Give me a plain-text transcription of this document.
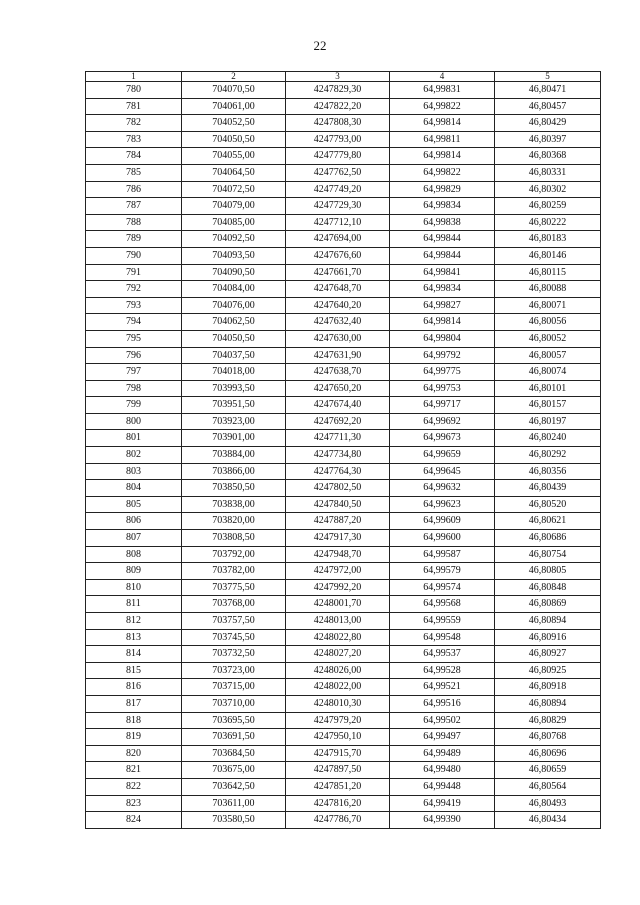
22
1	2	3	4	5
780	704070,50	4247829,30	64,99831	46,80471
781	704061,00	4247822,20	64,99822	46,80457
782	704052,50	4247808,30	64,99814	46,80429
783	704050,50	4247793,00	64,99811	46,80397
784	704055,00	4247779,80	64,99814	46,80368
785	704064,50	4247762,50	64,99822	46,80331
786	704072,50	4247749,20	64,99829	46,80302
787	704079,00	4247729,30	64,99834	46,80259
788	704085,00	4247712,10	64,99838	46,80222
789	704092,50	4247694,00	64,99844	46,80183
790	704093,50	4247676,60	64,99844	46,80146
791	704090,50	4247661,70	64,99841	46,80115
792	704084,00	4247648,70	64,99834	46,80088
793	704076,00	4247640,20	64,99827	46,80071
794	704062,50	4247632,40	64,99814	46,80056
795	704050,50	4247630,00	64,99804	46,80052
796	704037,50	4247631,90	64,99792	46,80057
797	704018,00	4247638,70	64,99775	46,80074
798	703993,50	4247650,20	64,99753	46,80101
799	703951,50	4247674,40	64,99717	46,80157
800	703923,00	4247692,20	64,99692	46,80197
801	703901,00	4247711,30	64,99673	46,80240
802	703884,00	4247734,80	64,99659	46,80292
803	703866,00	4247764,30	64,99645	46,80356
804	703850,50	4247802,50	64,99632	46,80439
805	703838,00	4247840,50	64,99623	46,80520
806	703820,00	4247887,20	64,99609	46,80621
807	703808,50	4247917,30	64,99600	46,80686
808	703792,00	4247948,70	64,99587	46,80754
809	703782,00	4247972,00	64,99579	46,80805
810	703775,50	4247992,20	64,99574	46,80848
811	703768,00	4248001,70	64,99568	46,80869
812	703757,50	4248013,00	64,99559	46,80894
813	703745,50	4248022,80	64,99548	46,80916
814	703732,50	4248027,20	64,99537	46,80927
815	703723,00	4248026,00	64,99528	46,80925
816	703715,00	4248022,00	64,99521	46,80918
817	703710,00	4248010,30	64,99516	46,80894
818	703695,50	4247979,20	64,99502	46,80829
819	703691,50	4247950,10	64,99497	46,80768
820	703684,50	4247915,70	64,99489	46,80696
821	703675,00	4247897,50	64,99480	46,80659
822	703642,50	4247851,20	64,99448	46,80564
823	703611,00	4247816,20	64,99419	46,80493
824	703580,50	4247786,70	64,99390	46,80434
